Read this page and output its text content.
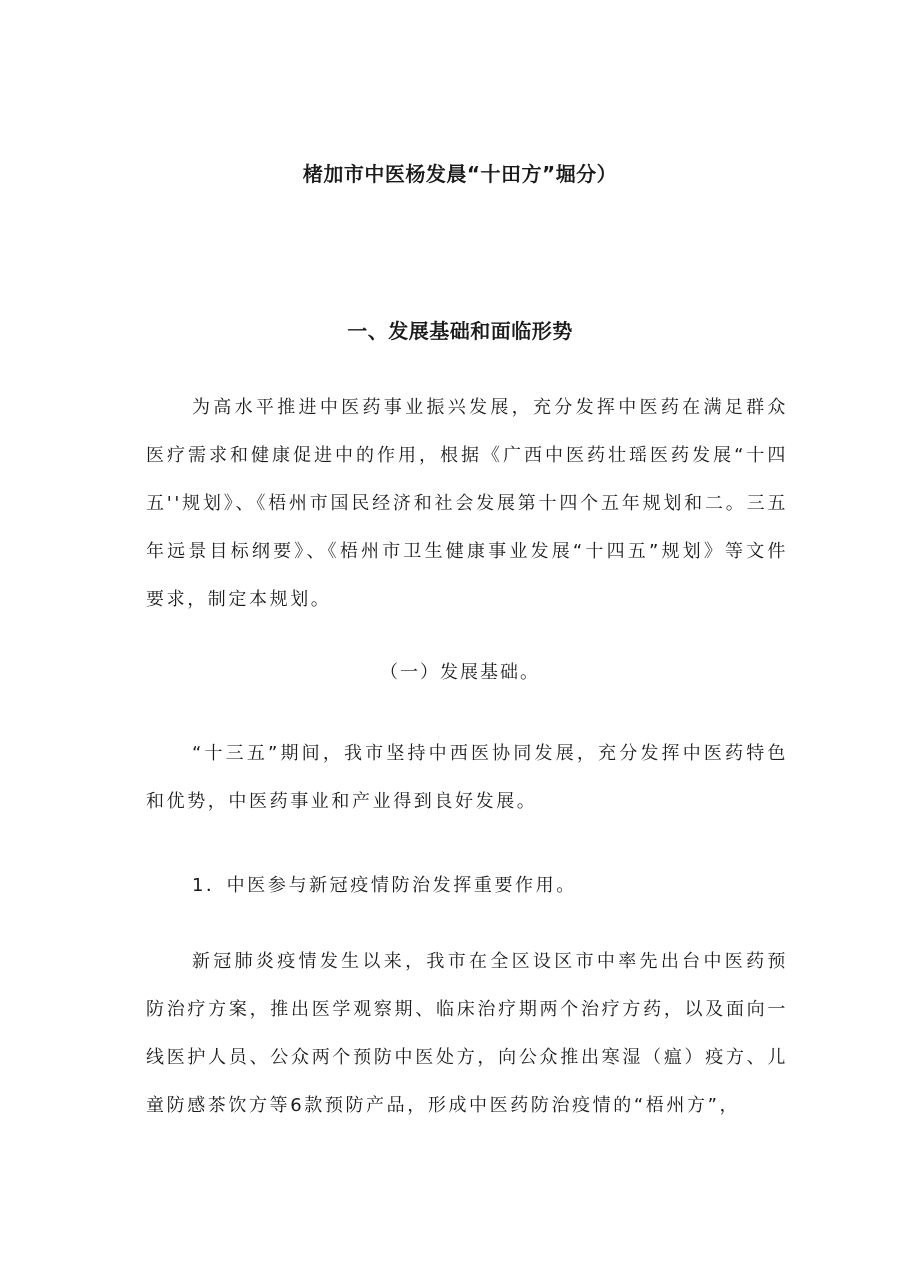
楮加市中医杨发晨“十田方”堀分）
一、发展基础和面临形势

为高水平推进中医药事业振兴发展，充分发挥中医药在满足群众医疗需求和健康促进中的作用，根据《广西中医药壮瑶医药发展“十四五''规划》、《梧州市国民经济和社会发展第十四个五年规划和二。三五年远景目标纲要》、《梧州市卫生健康事业发展“十四五”规划》等文件要求，制定本规划。

（一）发展基础。

“十三五”期间，我市坚持中西医协同发展，充分发挥中医药特色和优势，中医药事业和产业得到良好发展。

1．中医参与新冠疫情防治发挥重要作用。

新冠肺炎疫情发生以来，我市在全区设区市中率先出台中医药预防治疗方案，推出医学观察期、临床治疗期两个治疗方药，以及面向一线医护人员、公众两个预防中医处方，向公众推出寒湿（瘟）疫方、儿童防感茶饮方等6款预防产品，形成中医药防治疫情的“梧州方”，
